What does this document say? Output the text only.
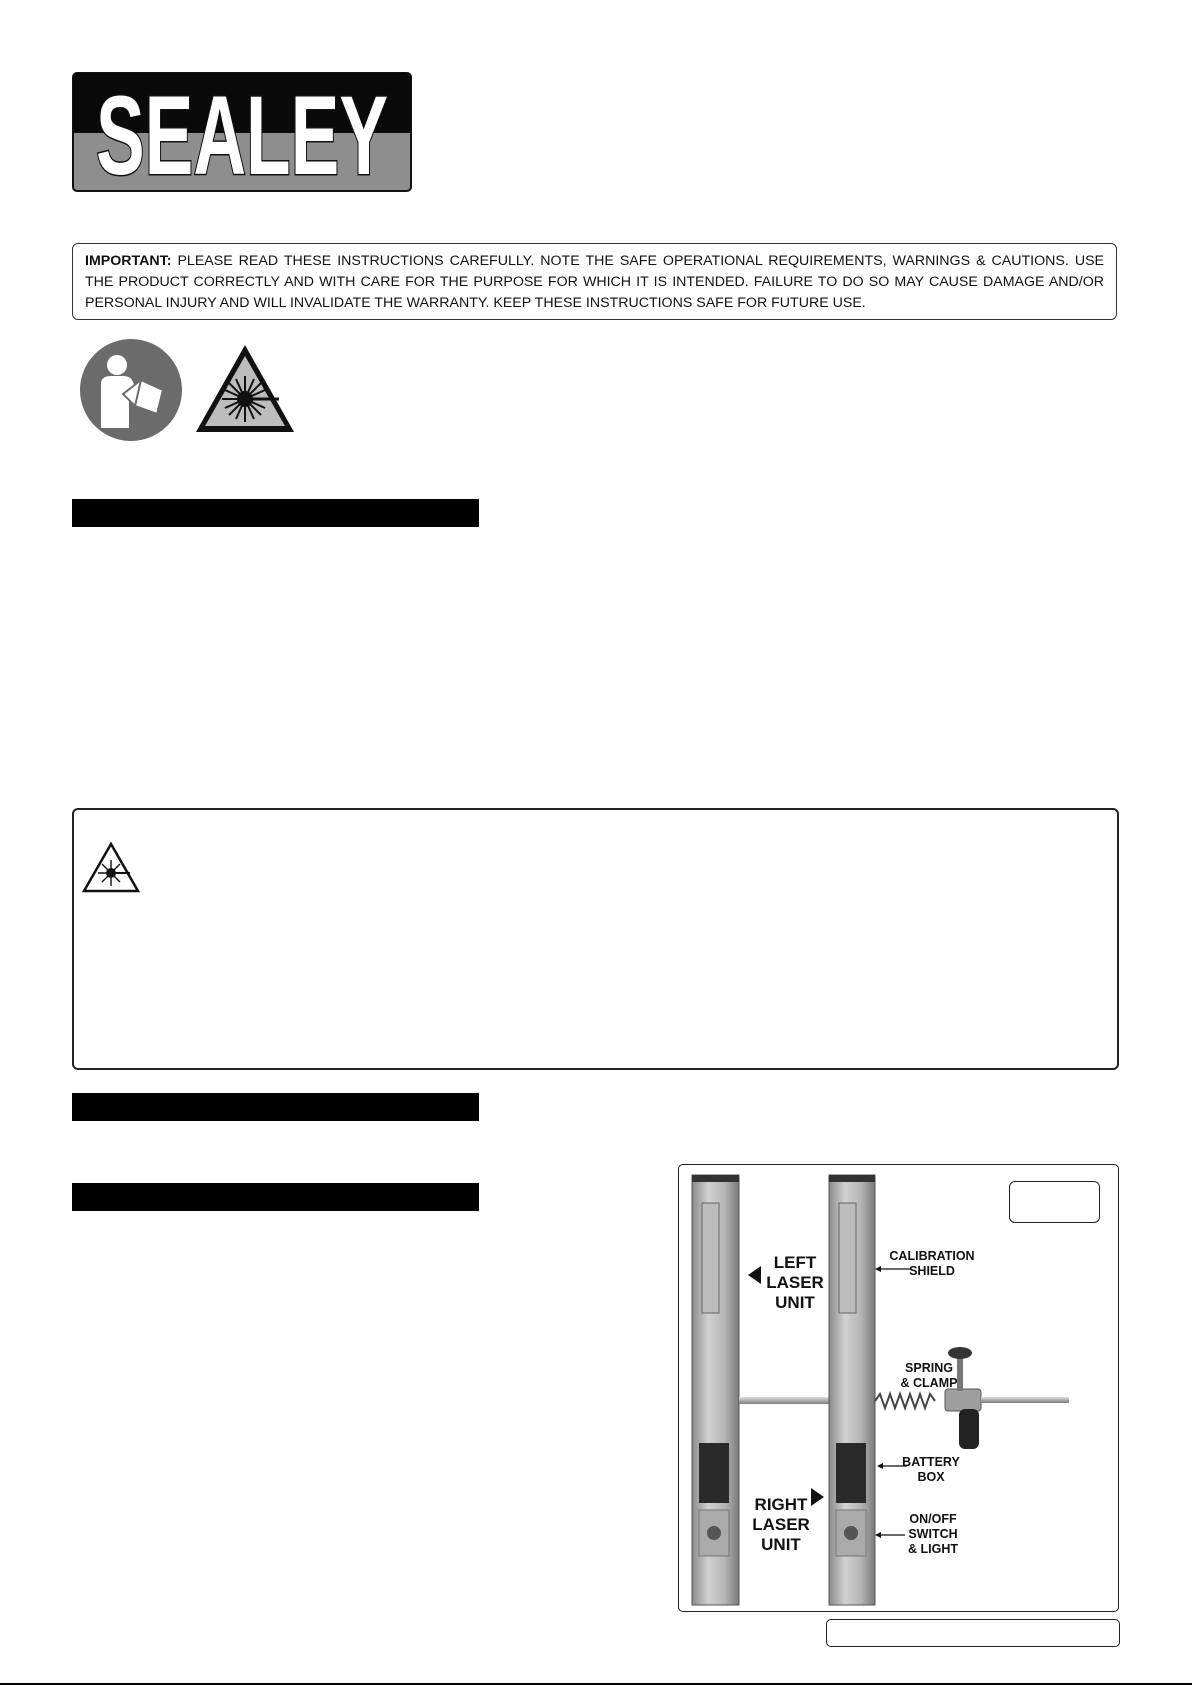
SEALEY

IMPORTANT: PLEASE READ THESE INSTRUCTIONS CAREFULLY. NOTE THE SAFE OPERATIONAL REQUIREMENTS, WARNINGS & CAUTIONS. USE THE PRODUCT CORRECTLY AND WITH CARE FOR THE PURPOSE FOR WHICH IT IS INTENDED. FAILURE TO DO SO MAY CAUSE DAMAGE AND/OR PERSONAL INJURY AND WILL INVALIDATE THE WARRANTY. KEEP THESE INSTRUCTIONS SAFE FOR FUTURE USE.

LEFT
LASER
UNIT
RIGHT
LASER
UNIT
CALIBRATION
SHIELD
SPRING
& CLAMP
BATTERY
BOX
ON/OFF
SWITCH
& LIGHT
